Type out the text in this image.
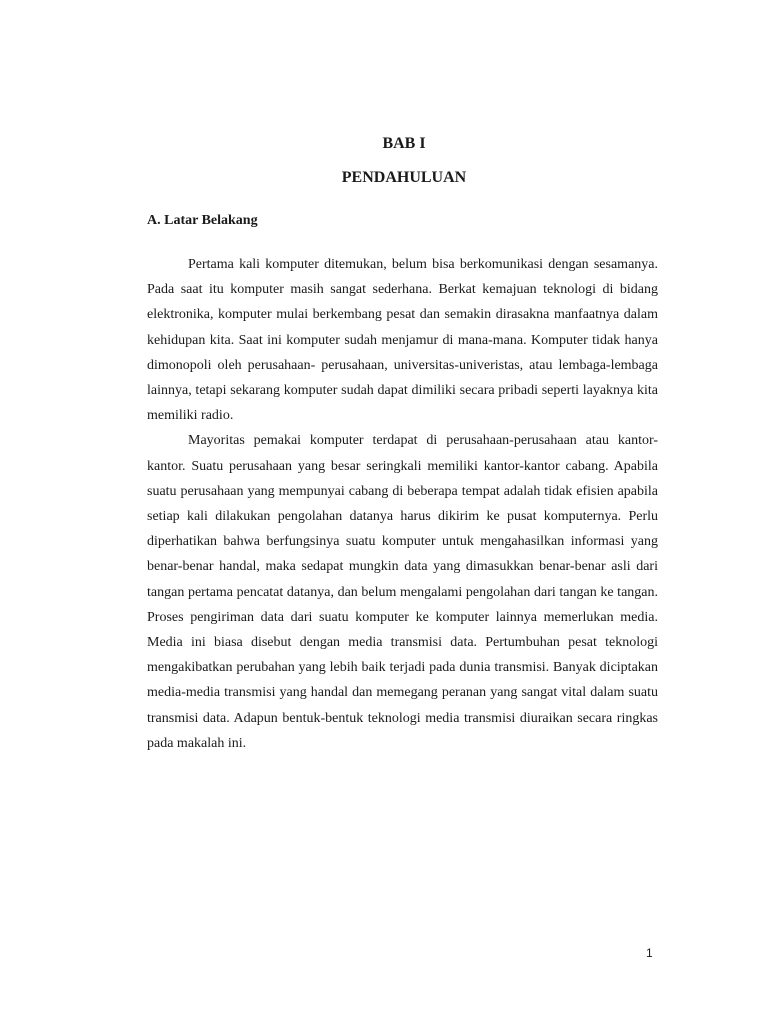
BAB I
PENDAHULUAN
A. Latar Belakang

Pertama kali komputer ditemukan, belum bisa berkomunikasi dengan sesamanya. Pada saat itu komputer masih sangat sederhana. Berkat kemajuan teknologi di bidang elektronika, komputer mulai berkembang pesat dan semakin dirasakna manfaatnya dalam kehidupan kita. Saat ini komputer sudah menjamur di mana-mana. Komputer tidak hanya dimonopoli oleh perusahaan- perusahaan, universitas-univeristas, atau lembaga-lembaga lainnya, tetapi sekarang komputer sudah dapat dimiliki secara pribadi seperti layaknya kita memiliki radio.

Mayoritas pemakai komputer terdapat di perusahaan-perusahaan atau kantor-kantor. Suatu perusahaan yang besar seringkali memiliki kantor-kantor cabang. Apabila suatu perusahaan yang mempunyai cabang di beberapa tempat adalah tidak efisien apabila setiap kali dilakukan pengolahan datanya harus dikirim ke pusat komputernya. Perlu diperhatikan bahwa berfungsinya suatu komputer untuk mengahasilkan informasi yang benar-benar handal, maka sedapat mungkin data yang dimasukkan benar-benar asli dari tangan pertama pencatat datanya, dan belum mengalami pengolahan dari tangan ke tangan. Proses pengiriman data dari suatu komputer ke komputer lainnya memerlukan media. Media ini biasa disebut dengan media transmisi data. Pertumbuhan pesat teknologi mengakibatkan perubahan yang lebih baik terjadi pada dunia transmisi. Banyak diciptakan media-media transmisi yang handal dan memegang peranan yang sangat vital dalam suatu transmisi data. Adapun bentuk-bentuk teknologi media transmisi diuraikan secara ringkas pada makalah ini.

1
